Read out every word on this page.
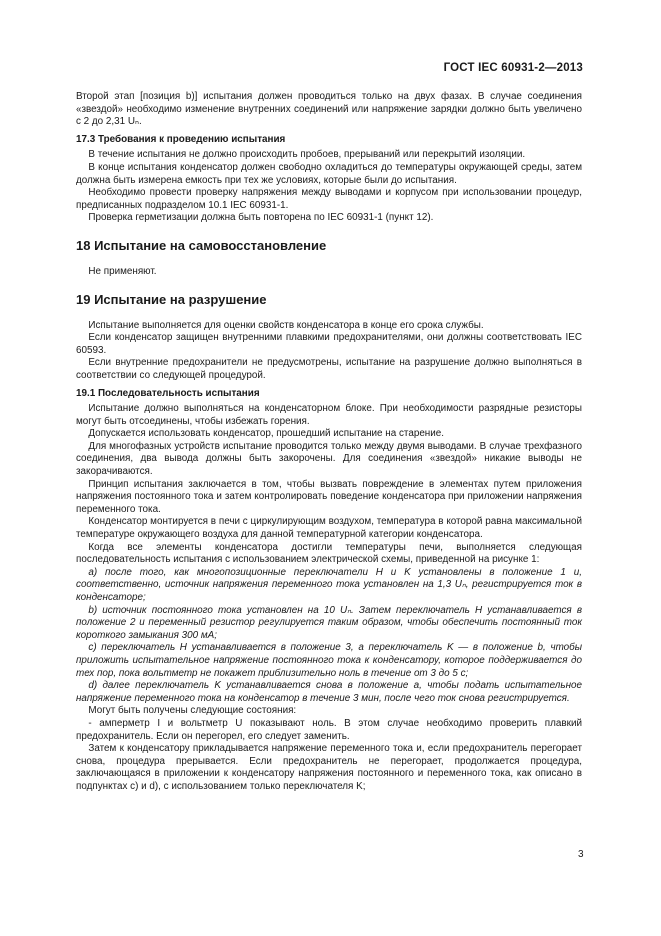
ГОСТ IEC 60931-2—2013

Второй этап [позиция b)] испытания должен проводиться только на двух фазах. В случае соединения «звездой» необходимо изменение внутренних соединений или напряжение зарядки должно быть увеличено с 2 до 2,31 Uₙ.

17.3 Требования к проведению испытания

В течение испытания не должно происходить пробоев, прерываний или перекрытий изоляции.

В конце испытания конденсатор должен свободно охладиться до температуры окружающей среды, затем должна быть измерена емкость при тех же условиях, которые были до испытания.

Необходимо провести проверку напряжения между выводами и корпусом при использовании процедур, предписанных подразделом 10.1 IEC 60931-1.

Проверка герметизации должна быть повторена по IEC 60931-1 (пункт 12).

18 Испытание на самовосстановление

Не применяют.

19 Испытание на разрушение

Испытание выполняется для оценки свойств конденсатора в конце его срока службы.

Если конденсатор защищен внутренними плавкими предохранителями, они должны соответствовать IEC 60593.

Если внутренние предохранители не предусмотрены, испытание на разрушение должно выполняться в соответствии со следующей процедурой.

19.1 Последовательность испытания

Испытание должно выполняться на конденсаторном блоке. При необходимости разрядные резисторы могут быть отсоединены, чтобы избежать горения.

Допускается использовать конденсатор, прошедший испытание на старение.

Для многофазных устройств испытание проводится только между двумя выводами. В случае трехфазного соединения, два вывода должны быть закорочены. Для соединения «звездой» никакие выводы не закорачиваются.

Принцип испытания заключается в том, чтобы вызвать повреждение в элементах путем приложения напряжения постоянного тока и затем контролировать поведение конденсатора при приложении напряжения переменного тока.

Конденсатор монтируется в печи с циркулирующим воздухом, температура в которой равна максимальной температуре окружающего воздуха для данной температурной категории конденсатора.

Когда все элементы конденсатора достигли температуры печи, выполняется следующая последовательность испытания с использованием электрической схемы, приведенной на рисунке 1:

a) после того, как многопозиционные переключатели H и K установлены в положение 1 и, соответственно, источник напряжения переменного тока установлен на 1,3 Uₙ, регистрируется ток в конденсаторе;

b) источник постоянного тока установлен на 10 Uₙ. Затем переключатель H устанавливается в положение 2 и переменный резистор регулируется таким образом, чтобы обеспечить постоянный ток короткого замыкания 300 мА;

c) переключатель H устанавливается в положение 3, а переключатель K — в положение b, чтобы приложить испытательное напряжение постоянного тока к конденсатору, которое поддерживается до тех пор, пока вольтметр не покажет приблизительно ноль в течение от 3 до 5 с;

d) далее переключатель K устанавливается снова в положение a, чтобы подать испытательное напряжение переменного тока на конденсатор в течение 3 мин, после чего ток снова регистрируется.

Могут быть получены следующие состояния:

- амперметр I и вольтметр U показывают ноль. В этом случае необходимо проверить плавкий предохранитель. Если он перегорел, его следует заменить.

Затем к конденсатору прикладывается напряжение переменного тока и, если предохранитель перегорает снова, процедура прерывается. Если предохранитель не перегорает, продолжается процедура, заключающаяся в приложении к конденсатору напряжения постоянного и переменного тока, как описано в подпунктах c) и d), с использованием только переключателя K;

3
